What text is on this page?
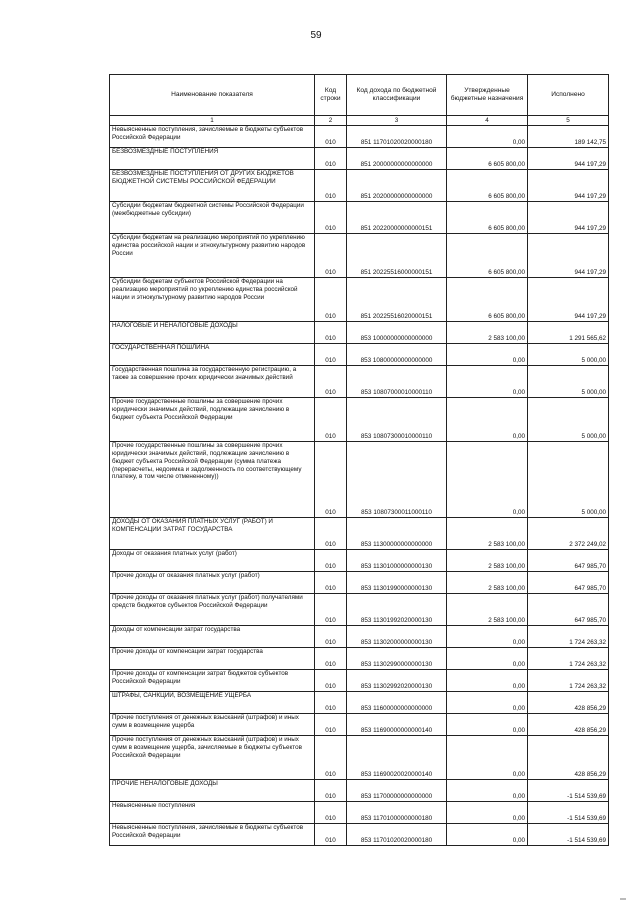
59
Наименование показателя	Код строки	Код дохода по бюджетной классификации	Утвержденные бюджетные назначения	Исполнено
1	2	3	4	5
Невыясненные поступления, зачисляемые в бюджеты субъектов Российской Федерации	010	851 11701020020000180	0,00	189 142,75
БЕЗВОЗМЕЗДНЫЕ ПОСТУПЛЕНИЯ	010	851 20000000000000000	6 605 800,00	944 197,29
БЕЗВОЗМЕЗДНЫЕ ПОСТУПЛЕНИЯ ОТ ДРУГИХ БЮДЖЕТОВ БЮДЖЕТНОЙ СИСТЕМЫ РОССИЙСКОЙ ФЕДЕРАЦИИ	010	851 20200000000000000	6 605 800,00	944 197,29
Субсидии бюджетам бюджетной системы Российской Федерации (межбюджетные субсидии)	010	851 20220000000000151	6 605 800,00	944 197,29
Субсидии бюджетам на реализацию мероприятий по укреплению единства российской нации и этнокультурному развитию народов России	010	851 20225516000000151	6 605 800,00	944 197,29
Субсидии бюджетам субъектов Российской Федерации на реализацию мероприятий по укреплению единства российской нации и этнокультурному развитию народов России	010	851 20225516020000151	6 605 800,00	944 197,29
НАЛОГОВЫЕ И НЕНАЛОГОВЫЕ ДОХОДЫ	010	853 10000000000000000	2 583 100,00	1 291 565,62
ГОСУДАРСТВЕННАЯ ПОШЛИНА	010	853 10800000000000000	0,00	5 000,00
Государственная пошлина за государственную регистрацию, а также за совершение прочих юридически значимых действий	010	853 10807000010000110	0,00	5 000,00
Прочие государственные пошлины за совершение прочих юридически значимых действий, подлежащие зачислению в бюджет субъекта Российской Федерации	010	853 10807300010000110	0,00	5 000,00
Прочие государственные пошлины за совершение прочих юридически значимых действий, подлежащие зачислению в бюджет субъекта Российской Федерации (сумма платежа (перерасчеты, недоимка и задолженность по соответствующему платежу, в том числе отмененному))	010	853 10807300011000110	0,00	5 000,00
ДОХОДЫ ОТ ОКАЗАНИЯ ПЛАТНЫХ УСЛУГ (РАБОТ) И КОМПЕНСАЦИИ ЗАТРАТ ГОСУДАРСТВА	010	853 11300000000000000	2 583 100,00	2 372 249,02
Доходы от оказания платных услуг (работ)	010	853 11301000000000130	2 583 100,00	647 985,70
Прочие доходы от оказания платных услуг (работ)	010	853 11301990000000130	2 583 100,00	647 985,70
Прочие доходы от оказания платных услуг (работ) получателями средств бюджетов субъектов Российской Федерации	010	853 11301992020000130	2 583 100,00	647 985,70
Доходы от компенсации затрат государства	010	853 11302000000000130	0,00	1 724 263,32
Прочие доходы от компенсации затрат государства	010	853 11302990000000130	0,00	1 724 263,32
Прочие доходы от компенсации затрат бюджетов субъектов Российской Федерации	010	853 11302992020000130	0,00	1 724 263,32
ШТРАФЫ, САНКЦИИ, ВОЗМЕЩЕНИЕ УЩЕРБА	010	853 11600000000000000	0,00	428 856,29
Прочие поступления от денежных взысканий (штрафов) и иных сумм в возмещение ущерба	010	853 11690000000000140	0,00	428 856,29
Прочие поступления от денежных взысканий (штрафов) и иных сумм в возмещение ущерба, зачисляемые в бюджеты субъектов Российской Федерации	010	853 11690020020000140	0,00	428 856,29
ПРОЧИЕ НЕНАЛОГОВЫЕ ДОХОДЫ	010	853 11700000000000000	0,00	-1 514 539,69
Невыясненные поступления	010	853 11701000000000180	0,00	-1 514 539,69
Невыясненные поступления, зачисляемые в бюджеты субъектов Российской Федерации	010	853 11701020020000180	0,00	-1 514 539,69
